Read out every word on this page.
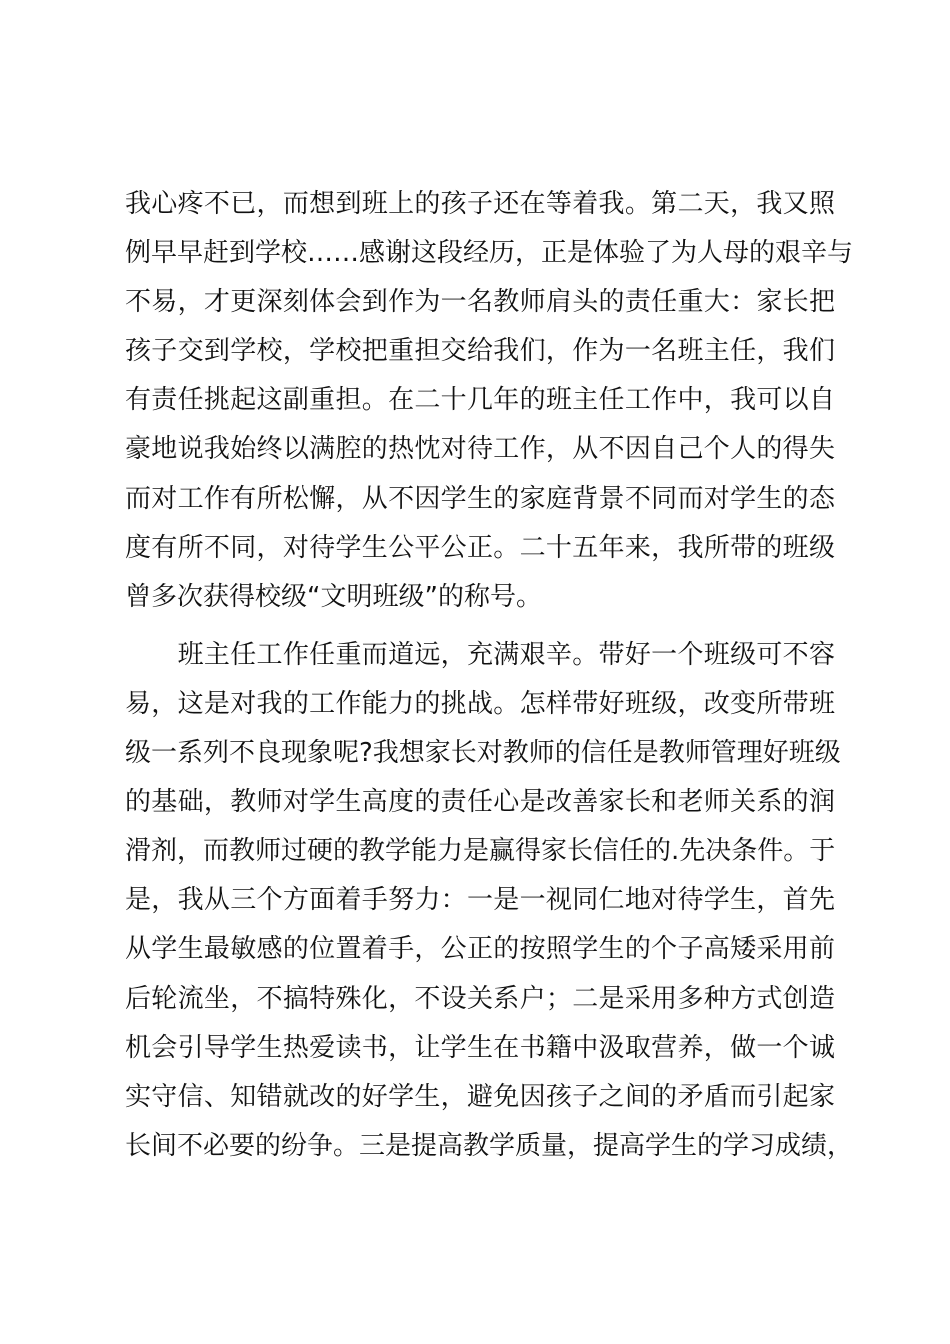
我心疼不已，而想到班上的孩子还在等着我。第二天，我又照
例早早赶到学校……感谢这段经历，正是体验了为人母的艰辛与
不易，才更深刻体会到作为一名教师肩头的责任重大：家长把
孩子交到学校，学校把重担交给我们，作为一名班主任，我们
有责任挑起这副重担。在二十几年的班主任工作中，我可以自
豪地说我始终以满腔的热忱对待工作，从不因自己个人的得失
而对工作有所松懈，从不因学生的家庭背景不同而对学生的态
度有所不同，对待学生公平公正。二十五年来，我所带的班级
曾多次获得校级“文明班级”的称号。
　　班主任工作任重而道远，充满艰辛。带好一个班级可不容
易，这是对我的工作能力的挑战。怎样带好班级，改变所带班
级一系列不良现象呢?我想家长对教师的信任是教师管理好班级
的基础，教师对学生高度的责任心是改善家长和老师关系的润
滑剂，而教师过硬的教学能力是赢得家长信任的.先决条件。于
是，我从三个方面着手努力：一是一视同仁地对待学生，首先
从学生最敏感的位置着手，公正的按照学生的个子高矮采用前
后轮流坐，不搞特殊化，不设关系户；二是采用多种方式创造
机会引导学生热爱读书，让学生在书籍中汲取营养，做一个诚
实守信、知错就改的好学生，避免因孩子之间的矛盾而引起家
长间不必要的纷争。三是提高教学质量，提高学生的学习成绩，
